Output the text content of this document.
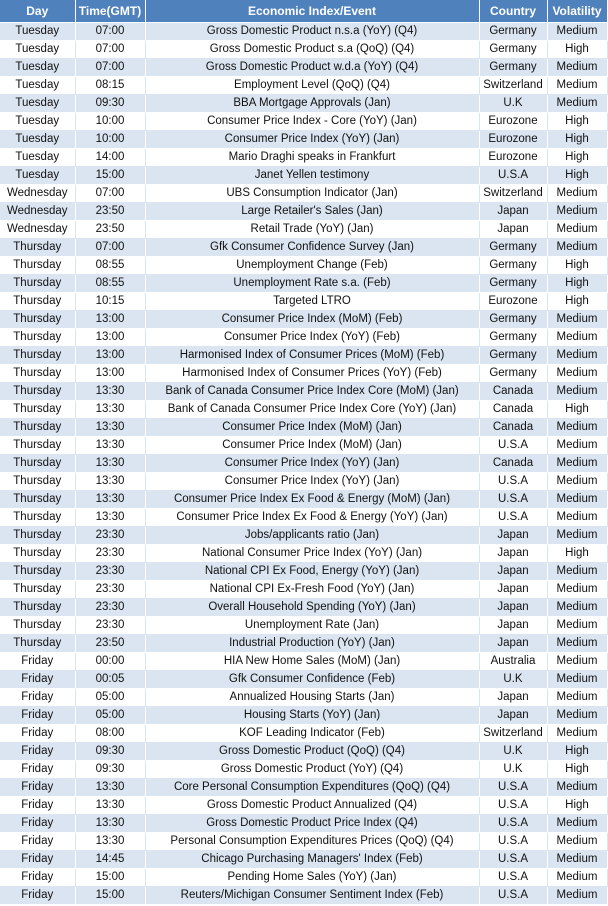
Day	Time(GMT)	Economic Index/Event	Country	Volatility
Tuesday	07:00	Gross Domestic Product n.s.a (YoY) (Q4)	Germany	Medium
Tuesday	07:00	Gross Domestic Product s.a (QoQ) (Q4)	Germany	High
Tuesday	07:00	Gross Domestic Product w.d.a (YoY) (Q4)	Germany	Medium
Tuesday	08:15	Employment Level (QoQ) (Q4)	Switzerland	Medium
Tuesday	09:30	BBA Mortgage Approvals (Jan)	U.K	Medium
Tuesday	10:00	Consumer Price Index - Core (YoY) (Jan)	Eurozone	High
Tuesday	10:00	Consumer Price Index (YoY) (Jan)	Eurozone	High
Tuesday	14:00	Mario Draghi speaks in Frankfurt	Eurozone	High
Tuesday	15:00	Janet Yellen testimony	U.S.A	High
Wednesday	07:00	UBS Consumption Indicator (Jan)	Switzerland	Medium
Wednesday	23:50	Large Retailer's Sales (Jan)	Japan	Medium
Wednesday	23:50	Retail Trade (YoY) (Jan)	Japan	Medium
Thursday	07:00	Gfk Consumer Confidence Survey (Jan)	Germany	Medium
Thursday	08:55	Unemployment Change (Feb)	Germany	High
Thursday	08:55	Unemployment Rate s.a. (Feb)	Germany	High
Thursday	10:15	Targeted LTRO	Eurozone	High
Thursday	13:00	Consumer Price Index (MoM) (Feb)	Germany	Medium
Thursday	13:00	Consumer Price Index (YoY) (Feb)	Germany	Medium
Thursday	13:00	Harmonised Index of Consumer Prices (MoM) (Feb)	Germany	Medium
Thursday	13:00	Harmonised Index of Consumer Prices (YoY) (Feb)	Germany	Medium
Thursday	13:30	Bank of Canada Consumer Price Index Core (MoM) (Jan)	Canada	Medium
Thursday	13:30	Bank of Canada Consumer Price Index Core (YoY) (Jan)	Canada	High
Thursday	13:30	Consumer Price Index (MoM) (Jan)	Canada	Medium
Thursday	13:30	Consumer Price Index (MoM) (Jan)	U.S.A	Medium
Thursday	13:30	Consumer Price Index (YoY) (Jan)	Canada	Medium
Thursday	13:30	Consumer Price Index (YoY) (Jan)	U.S.A	Medium
Thursday	13:30	Consumer Price Index Ex Food & Energy (MoM) (Jan)	U.S.A	Medium
Thursday	13:30	Consumer Price Index Ex Food & Energy (YoY) (Jan)	U.S.A	Medium
Thursday	23:30	Jobs/applicants ratio (Jan)	Japan	Medium
Thursday	23:30	National Consumer Price Index (YoY) (Jan)	Japan	High
Thursday	23:30	National CPI Ex Food, Energy (YoY) (Jan)	Japan	Medium
Thursday	23:30	National CPI Ex-Fresh Food (YoY) (Jan)	Japan	Medium
Thursday	23:30	Overall Household Spending (YoY) (Jan)	Japan	Medium
Thursday	23:30	Unemployment Rate (Jan)	Japan	Medium
Thursday	23:50	Industrial Production (YoY) (Jan)	Japan	Medium
Friday	00:00	HIA New Home Sales (MoM) (Jan)	Australia	Medium
Friday	00:05	Gfk Consumer Confidence (Feb)	U.K	Medium
Friday	05:00	Annualized Housing Starts (Jan)	Japan	Medium
Friday	05:00	Housing Starts (YoY) (Jan)	Japan	Medium
Friday	08:00	KOF Leading Indicator (Feb)	Switzerland	Medium
Friday	09:30	Gross Domestic Product (QoQ) (Q4)	U.K	High
Friday	09:30	Gross Domestic Product (YoY) (Q4)	U.K	High
Friday	13:30	Core Personal Consumption Expenditures (QoQ) (Q4)	U.S.A	Medium
Friday	13:30	Gross Domestic Product Annualized (Q4)	U.S.A	High
Friday	13:30	Gross Domestic Product Price Index (Q4)	U.S.A	Medium
Friday	13:30	Personal Consumption Expenditures Prices (QoQ) (Q4)	U.S.A	Medium
Friday	14:45	Chicago Purchasing Managers' Index (Feb)	U.S.A	Medium
Friday	15:00	Pending Home Sales (YoY) (Jan)	U.S.A	Medium
Friday	15:00	Reuters/Michigan Consumer Sentiment Index (Feb)	U.S.A	Medium
